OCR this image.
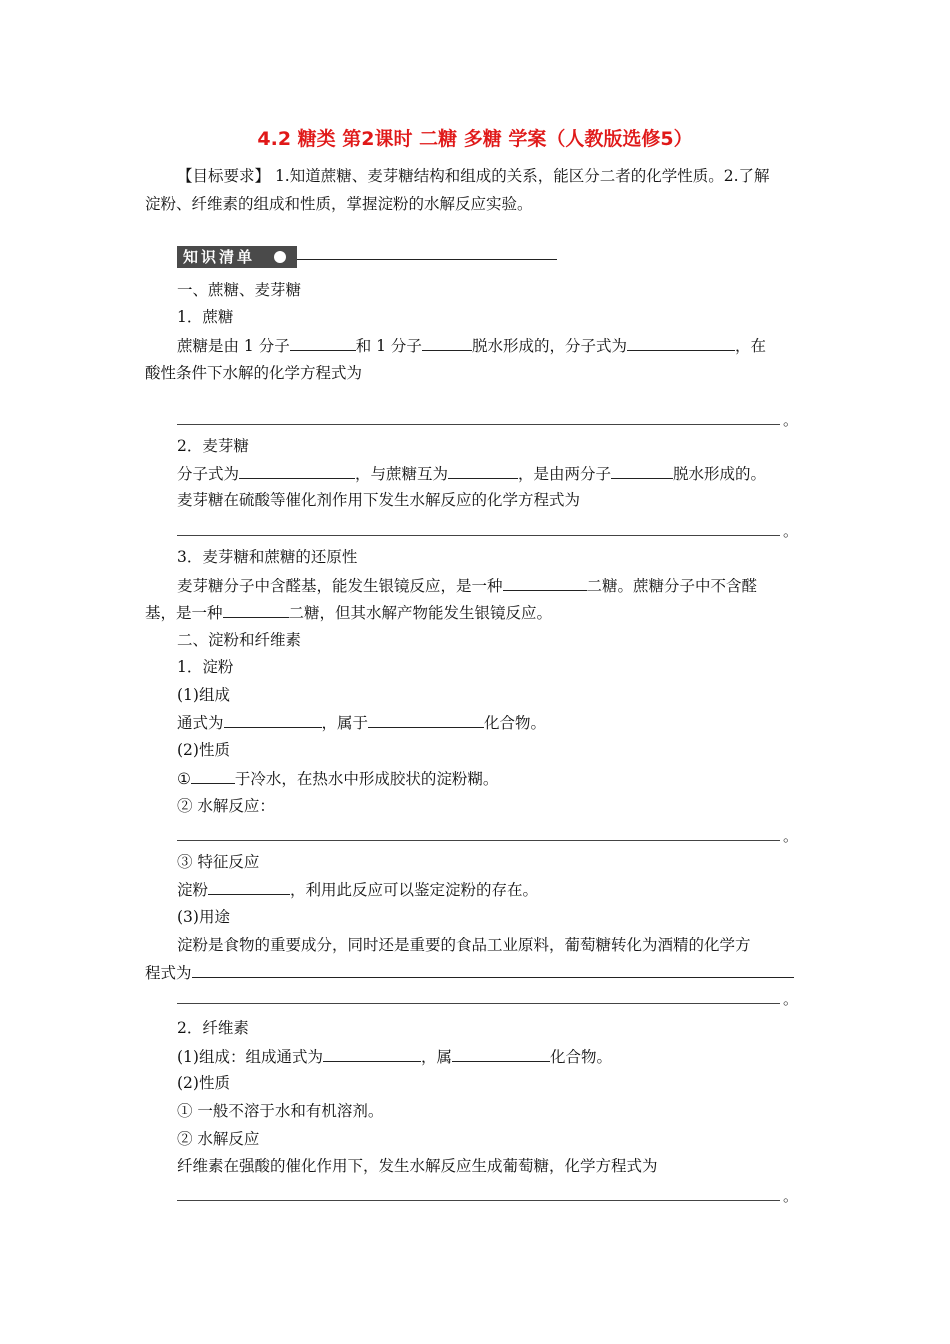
4.2 糖类 第2课时 二糖 多糖 学案（人教版选修5）
【目标要求】 1.知道蔗糖、麦芽糖结构和组成的关系，能区分二者的化学性质。2.了解
淀粉、纤维素的组成和性质，掌握淀粉的水解反应实验。
知识清单
一、蔗糖、麦芽糖
1．蔗糖
蔗糖是由 1 分子	和 1 分子	脱水形成的，分子式为	，在
酸性条件下水解的化学方程式为
。
2．麦芽糖
分子式为	，与蔗糖互为	，是由两分子	脱水形成的。
麦芽糖在硫酸等催化剂作用下发生水解反应的化学方程式为
。
3．麦芽糖和蔗糖的还原性
麦芽糖分子中含醛基，能发生银镜反应，是一种	二糖。蔗糖分子中不含醛
基，是一种	二糖，但其水解产物能发生银镜反应。
二、淀粉和纤维素
1．淀粉
(1)组成
通式为	，属于	化合物。
(2)性质
①	于冷水，在热水中形成胶状的淀粉糊。
② 水解反应：
。
③ 特征反应
淀粉	，利用此反应可以鉴定淀粉的存在。
(3)用途
淀粉是食物的重要成分，同时还是重要的食品工业原料，葡萄糖转化为酒精的化学方
程式为
。
2．纤维素
(1)组成：组成通式为	，属	化合物。
(2)性质
① 一般不溶于水和有机溶剂。
② 水解反应
纤维素在强酸的催化作用下，发生水解反应生成葡萄糖，化学方程式为
。
